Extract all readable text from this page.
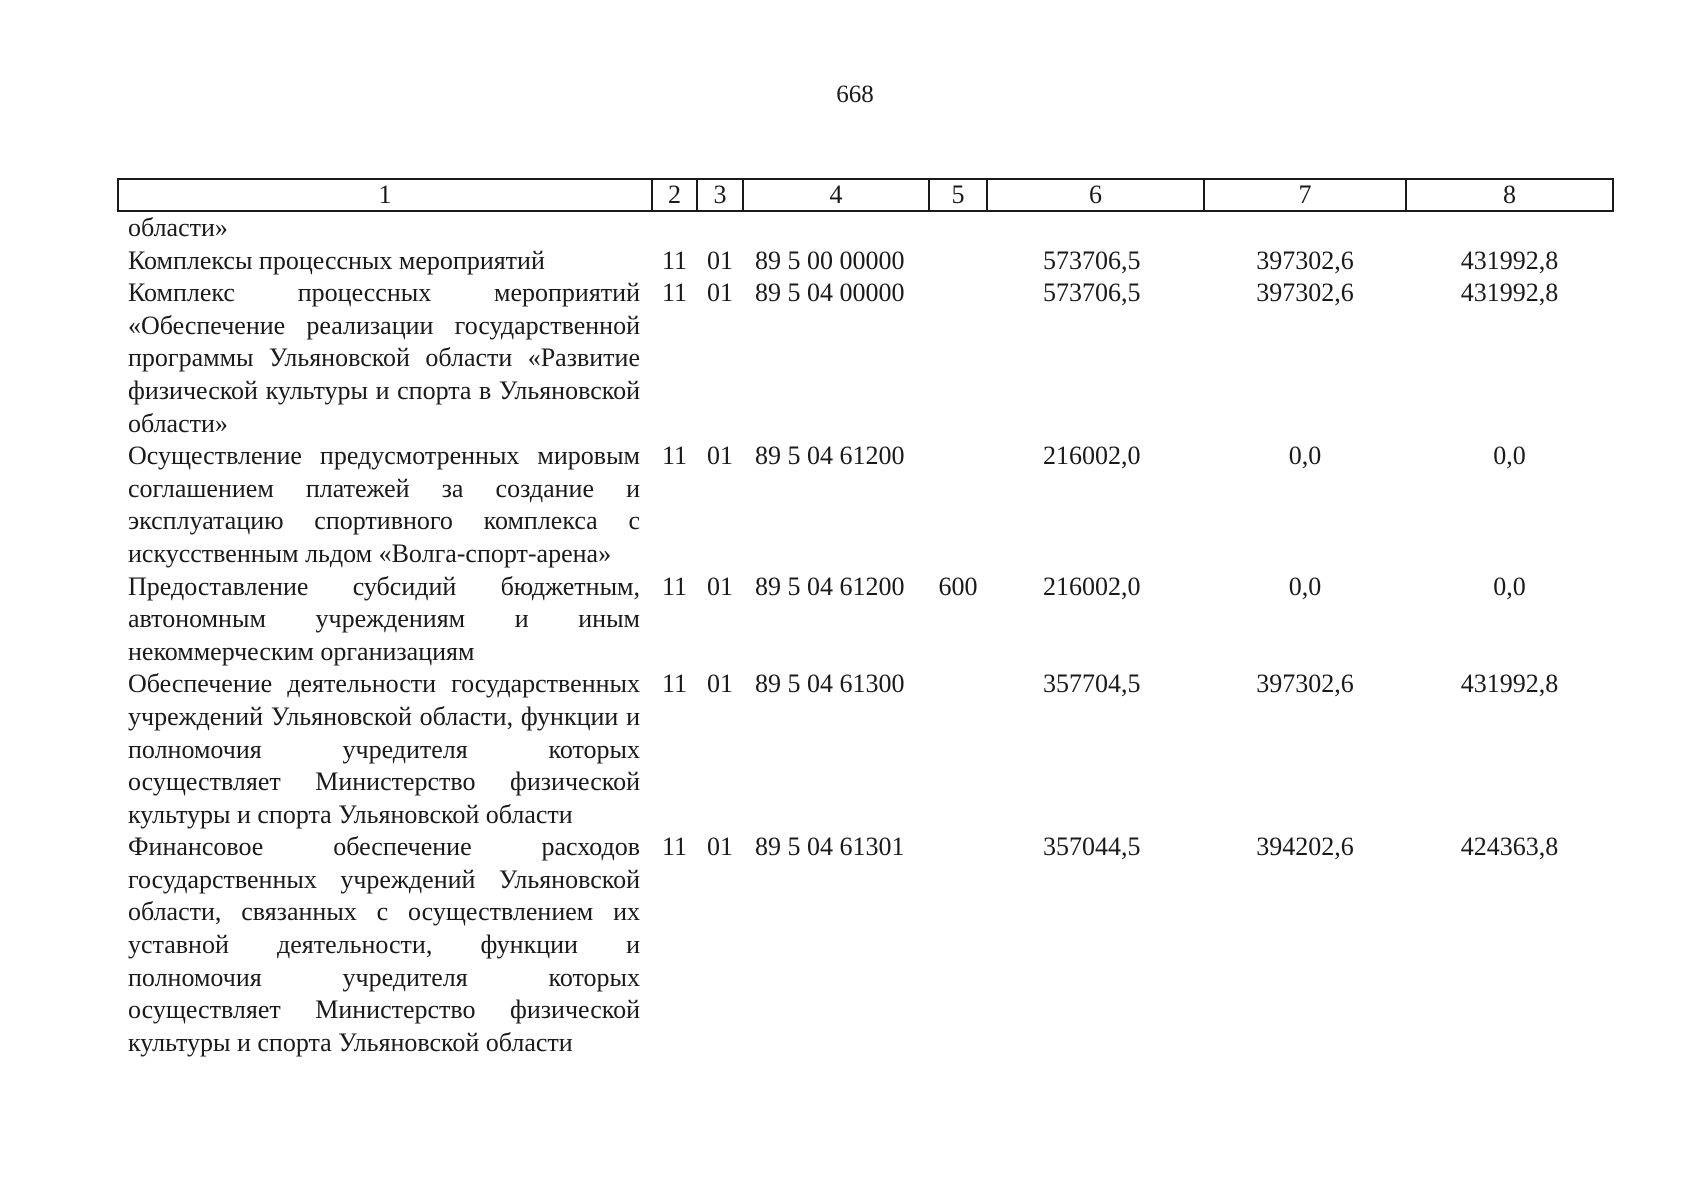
668
1	2	3	4	5	6	7	8
области»							
Комплексы процессных мероприятий	11	01	89 5 00 00000		573706,5	397302,6	431992,8
Комплекс процессных мероприятий «Обеспечение реализации государственной программы Ульяновской области «Развитие физической культуры и спорта в Ульяновской области»	11	01	89 5 04 00000		573706,5	397302,6	431992,8
Осуществление предусмотренных мировым соглашением платежей за создание и эксплуатацию спортивного комплекса с искусственным льдом «Волга-спорт-арена»	11	01	89 5 04 61200		216002,0	0,0	0,0
Предоставление субсидий бюджетным, автономным учреждениям и иным некоммерческим организациям	11	01	89 5 04 61200	600	216002,0	0,0	0,0
Обеспечение деятельности государственных учреждений Ульяновской области, функции и полномочия учредителя которых осуществляет Министерство физической культуры и спорта Ульяновской области	11	01	89 5 04 61300		357704,5	397302,6	431992,8
Финансовое обеспечение расходов государственных учреждений Ульяновской области, связанных с осуществлением их уставной деятельности, функции и полномочия учредителя которых осуществляет Министерство физической культуры и спорта Ульяновской области	11	01	89 5 04 61301		357044,5	394202,6	424363,8
